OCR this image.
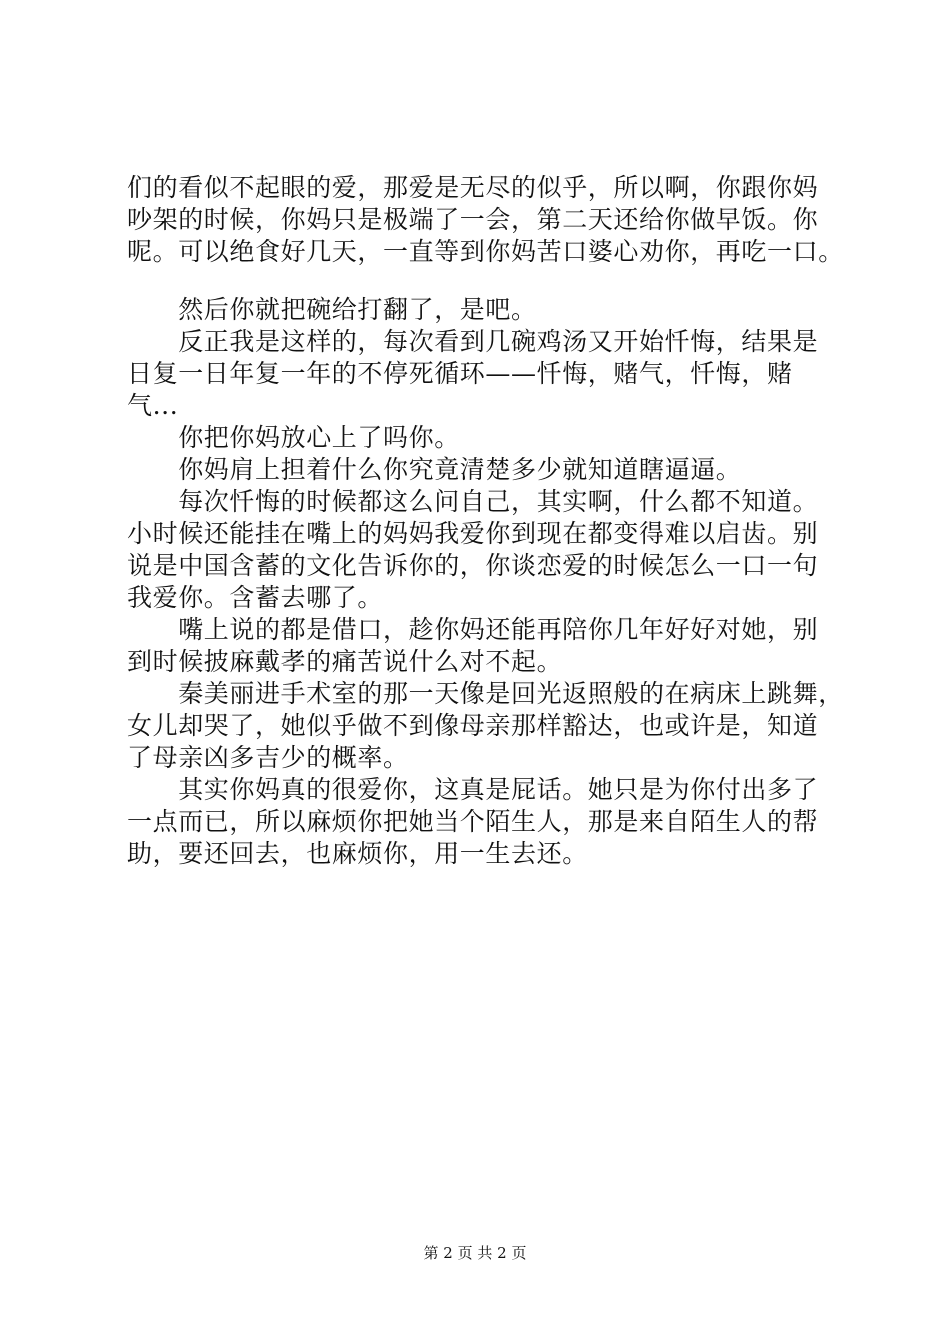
们的看似不起眼的爱，那爱是无尽的似乎，所以啊，你跟你妈
吵架的时候，你妈只是极端了一会，第二天还给你做早饭。你
呢。可以绝食好几天，一直等到你妈苦口婆心劝你，再吃一口。
　　然后你就把碗给打翻了，是吧。
　　反正我是这样的，每次看到几碗鸡汤又开始忏悔，结果是
日复一日年复一年的不停死循环——忏悔，赌气，忏悔，赌
气...
　　你把你妈放心上了吗你。
　　你妈肩上担着什么你究竟清楚多少就知道瞎逼逼。
　　每次忏悔的时候都这么问自己，其实啊，什么都不知道。
小时候还能挂在嘴上的妈妈我爱你到现在都变得难以启齿。别
说是中国含蓄的文化告诉你的，你谈恋爱的时候怎么一口一句
我爱你。含蓄去哪了。
　　嘴上说的都是借口，趁你妈还能再陪你几年好好对她，别
到时候披麻戴孝的痛苦说什么对不起。
　　秦美丽进手术室的那一天像是回光返照般的在病床上跳舞，
女儿却哭了，她似乎做不到像母亲那样豁达，也或许是，知道
了母亲凶多吉少的概率。
　　其实你妈真的很爱你，这真是屁话。她只是为你付出多了
一点而已，所以麻烦你把她当个陌生人，那是来自陌生人的帮
助，要还回去，也麻烦你，用一生去还。
第 2 页 共 2 页
